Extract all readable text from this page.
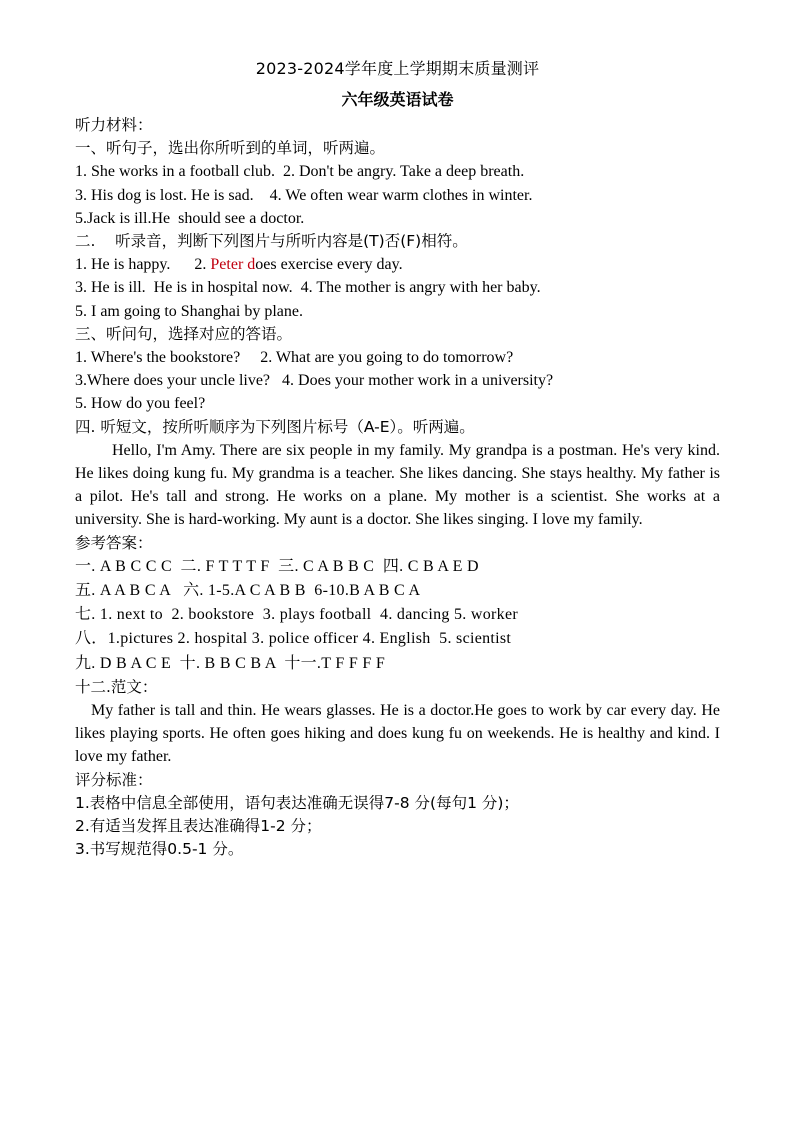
2023-2024学年度上学期期末质量测评
六年级英语试卷
听力材料：
一、听句子，选出你所听到的单词，听两遍。
1. She works in a football club.  2. Don't be angry. Take a deep breath.
3. His dog is lost. He is sad.    4. We often wear warm clothes in winter.
5.Jack is ill.He  should see a doctor.
二.    听录音，判断下列图片与所听内容是(T)否(F)相符。
1. He is happy.      2. Peter does exercise every day.
3. He is ill.  He is in hospital now.  4. The mother is angry with her baby.
5. I am going to Shanghai by plane.
三、听问句，选择对应的答语。
1. Where's the bookstore?     2. What are you going to do tomorrow?
3.Where does your uncle live?   4. Does your mother work in a university?
5. How do you feel?
四. 听短文，按所听顺序为下列图片标号（A-E）。听两遍。
Hello, I'm Amy. There are six people in my family. My grandpa is a postman. He's very kind. He likes doing kung fu. My grandma is a teacher. She likes dancing. She stays healthy. My father is a pilot. He's tall and strong. He works on a plane. My mother is a scientist. She works at a university. She is hard-working. My aunt is a doctor. She likes singing. I love my family.
参考答案：
一. A B C C C  二. F T T T F  三. C A B B C  四. C B A E D
五. A A B C A   六. 1-5.A C A B B  6-10.B A B C A
七. 1. next to  2. bookstore  3. plays football  4. dancing 5. worker
八．1.pictures 2. hospital 3. police officer 4. English  5. scientist
九. D B A C E  十. B B C B A  十一.T F F F F
十二.范文：
My father is tall and thin. He wears glasses. He is a doctor.He goes to work by car every day. He likes playing sports. He often goes hiking and does kung fu on weekends. He is healthy and kind. I love my father.
评分标准：
1.表格中信息全部使用，语句表达准确无误得7-8 分(每句1 分)；
2.有适当发挥且表达准确得1-2 分；
3.书写规范得0.5-1 分。
